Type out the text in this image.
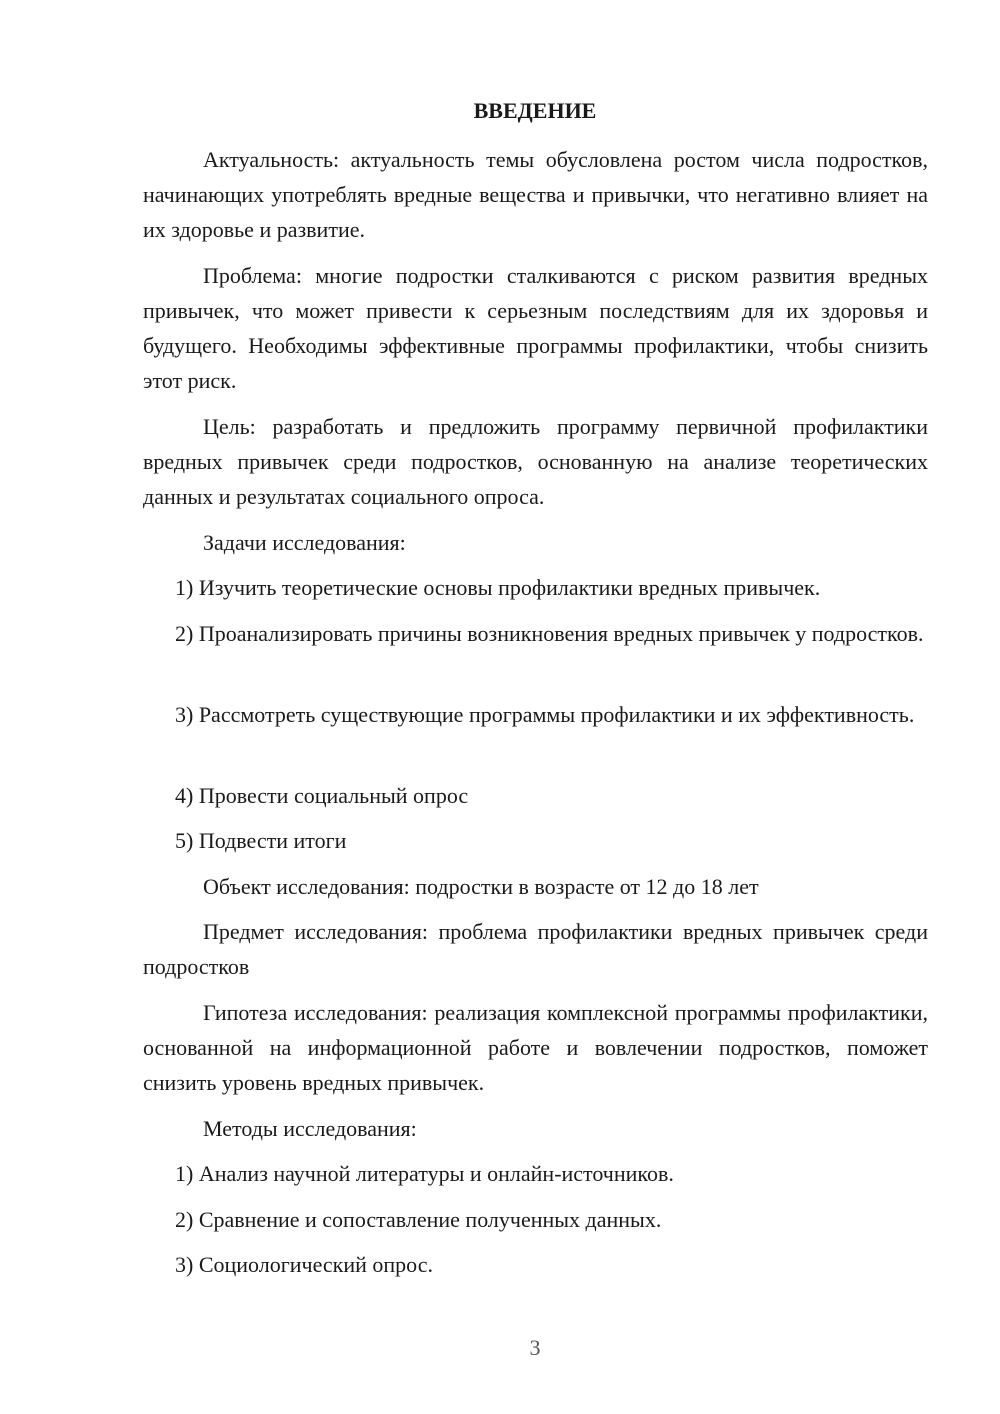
ВВЕДЕНИЕ

Актуальность: актуальность темы обусловлена ростом числа подростков, начинающих употреблять вредные вещества и привычки, что негативно влияет на их здоровье и развитие.

Проблема: многие подростки сталкиваются с риском развития вредных привычек, что может привести к серьезным последствиям для их здоровья и будущего. Необходимы эффективные программы профилактики, чтобы снизить этот риск.

Цель: разработать и предложить программу первичной профилактики вредных привычек среди подростков, основанную на анализе теоретических данных и результатах социального опроса.

Задачи исследования:

1) Изучить теоретические основы профилактики вредных привычек.

2) Проанализировать причины возникновения вредных привычек у подростков.

3) Рассмотреть существующие программы профилактики и их эффективность.

4) Провести социальный опрос

5) Подвести итоги

Объект исследования: подростки в возрасте от 12 до 18 лет

Предмет исследования: проблема профилактики вредных привычек среди подростков

Гипотеза исследования: реализация комплексной программы профилактики, основанной на информационной работе и вовлечении подростков, поможет снизить уровень вредных привычек.

Методы исследования:

1) Анализ научной литературы и онлайн-источников.

2) Сравнение и сопоставление полученных данных.

3) Социологический опрос.

3
